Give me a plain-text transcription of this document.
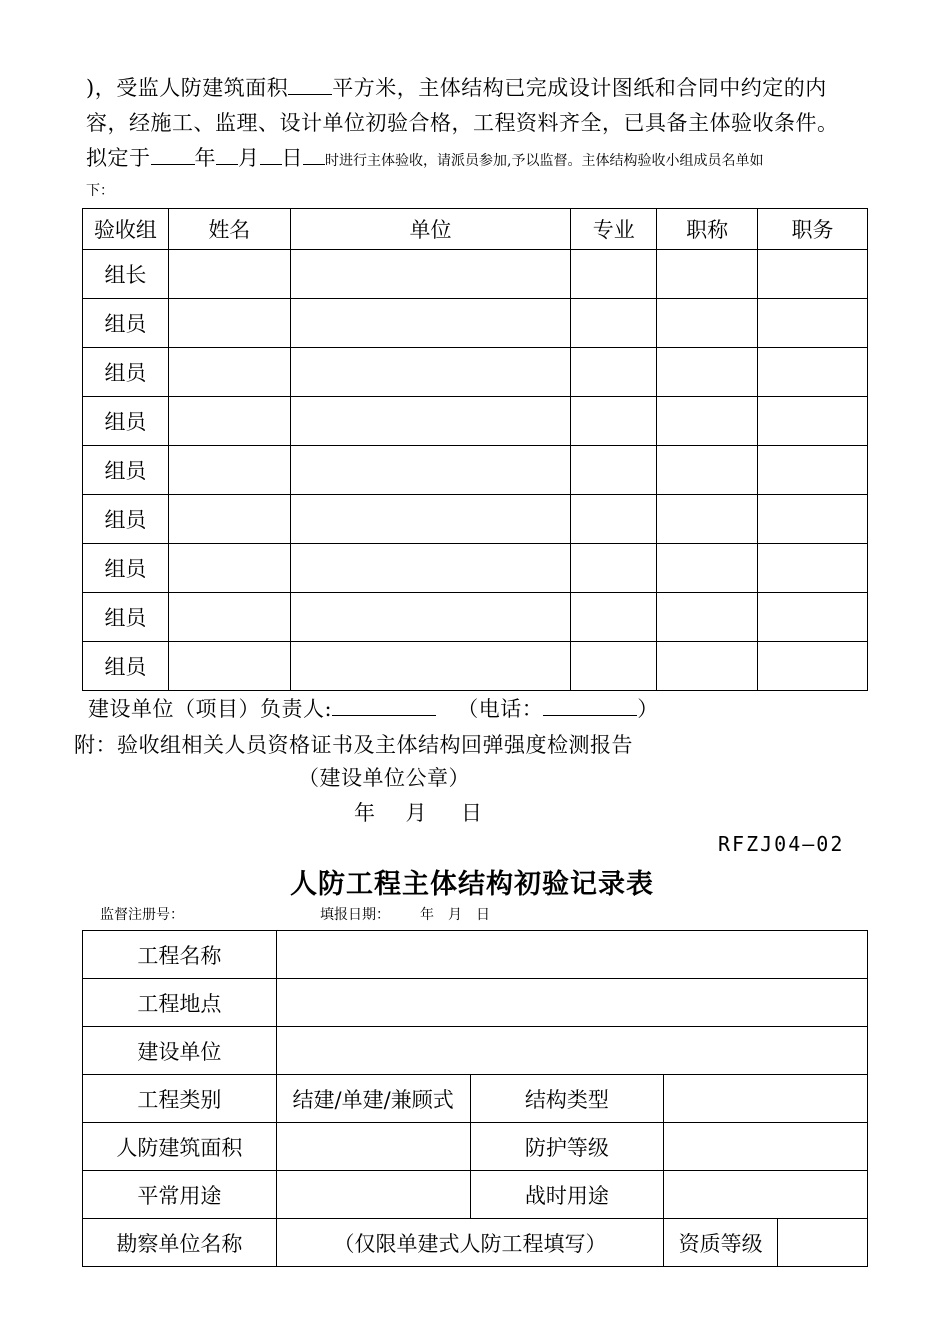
)，受监人防建筑面积 平方米，主体结构已完成设计图纸和合同中约定的内
容，经施工、监理、设计单位初验合格，工程资料齐全，已具备主体验收条件。
拟定于 年 月 日 时进行主体验收，请派员参加,予以监督。主体结构验收小组成员名单如
下：
验收组	姓名	单位	专业	职称	职务
组长					
组员					
组员					
组员					
组员					
组员					
组员					
组员					
组员					
建设单位（项目）负责人:	（电话：	）
附：验收组相关人员资格证书及主体结构回弹强度检测报告
（建设单位公章）
年 月 日
RFZJ04—02
人防工程主体结构初验记录表
监督注册号：	填报日期： 年 月 日
工程名称				
工程地点				
建设单位				
工程类别	结建/单建/兼顾式	结构类型		
人防建筑面积		防护等级		
平常用途		战时用途		
勘察单位名称	（仅限单建式人防工程填写）		资质等级	
